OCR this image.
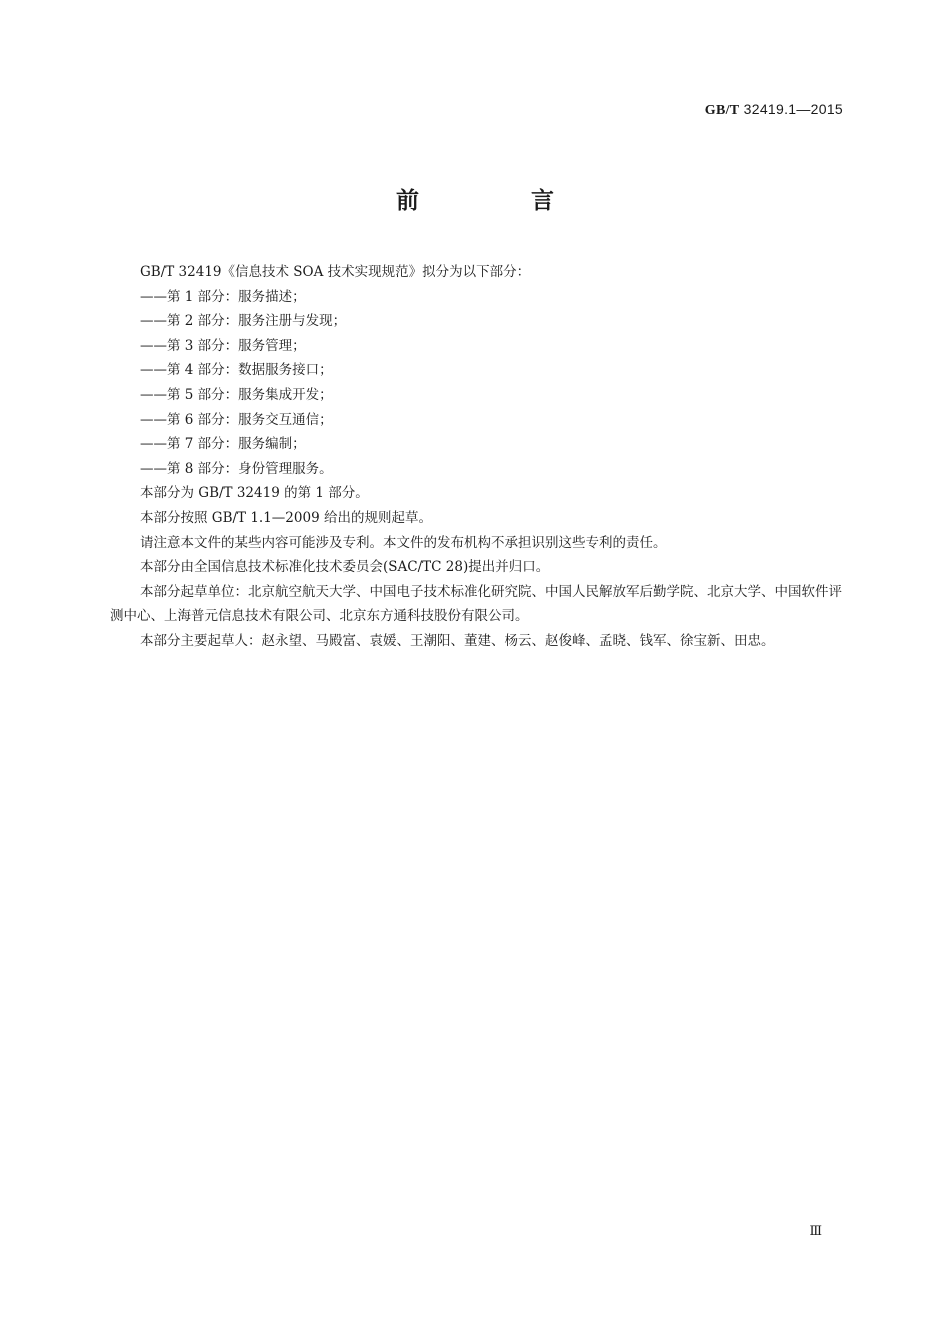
GB/T 32419.1—2015
前 言

GB/T 32419《信息技术 SOA 技术实现规范》拟分为以下部分：

——第 1 部分：服务描述；

——第 2 部分：服务注册与发现；

——第 3 部分：服务管理；

——第 4 部分：数据服务接口；

——第 5 部分：服务集成开发；

——第 6 部分：服务交互通信；

——第 7 部分：服务编制；

——第 8 部分：身份管理服务。

本部分为 GB/T 32419 的第 1 部分。

本部分按照 GB/T 1.1—2009 给出的规则起草。

请注意本文件的某些内容可能涉及专利。本文件的发布机构不承担识别这些专利的责任。

本部分由全国信息技术标准化技术委员会(SAC/TC 28)提出并归口。

本部分起草单位：北京航空航天大学、中国电子技术标准化研究院、中国人民解放军后勤学院、北京大学、中国软件评测中心、上海普元信息技术有限公司、北京东方通科技股份有限公司。

本部分主要起草人：赵永望、马殿富、袁媛、王潮阳、董建、杨云、赵俊峰、孟晓、钱军、徐宝新、田忠。

Ⅲ
